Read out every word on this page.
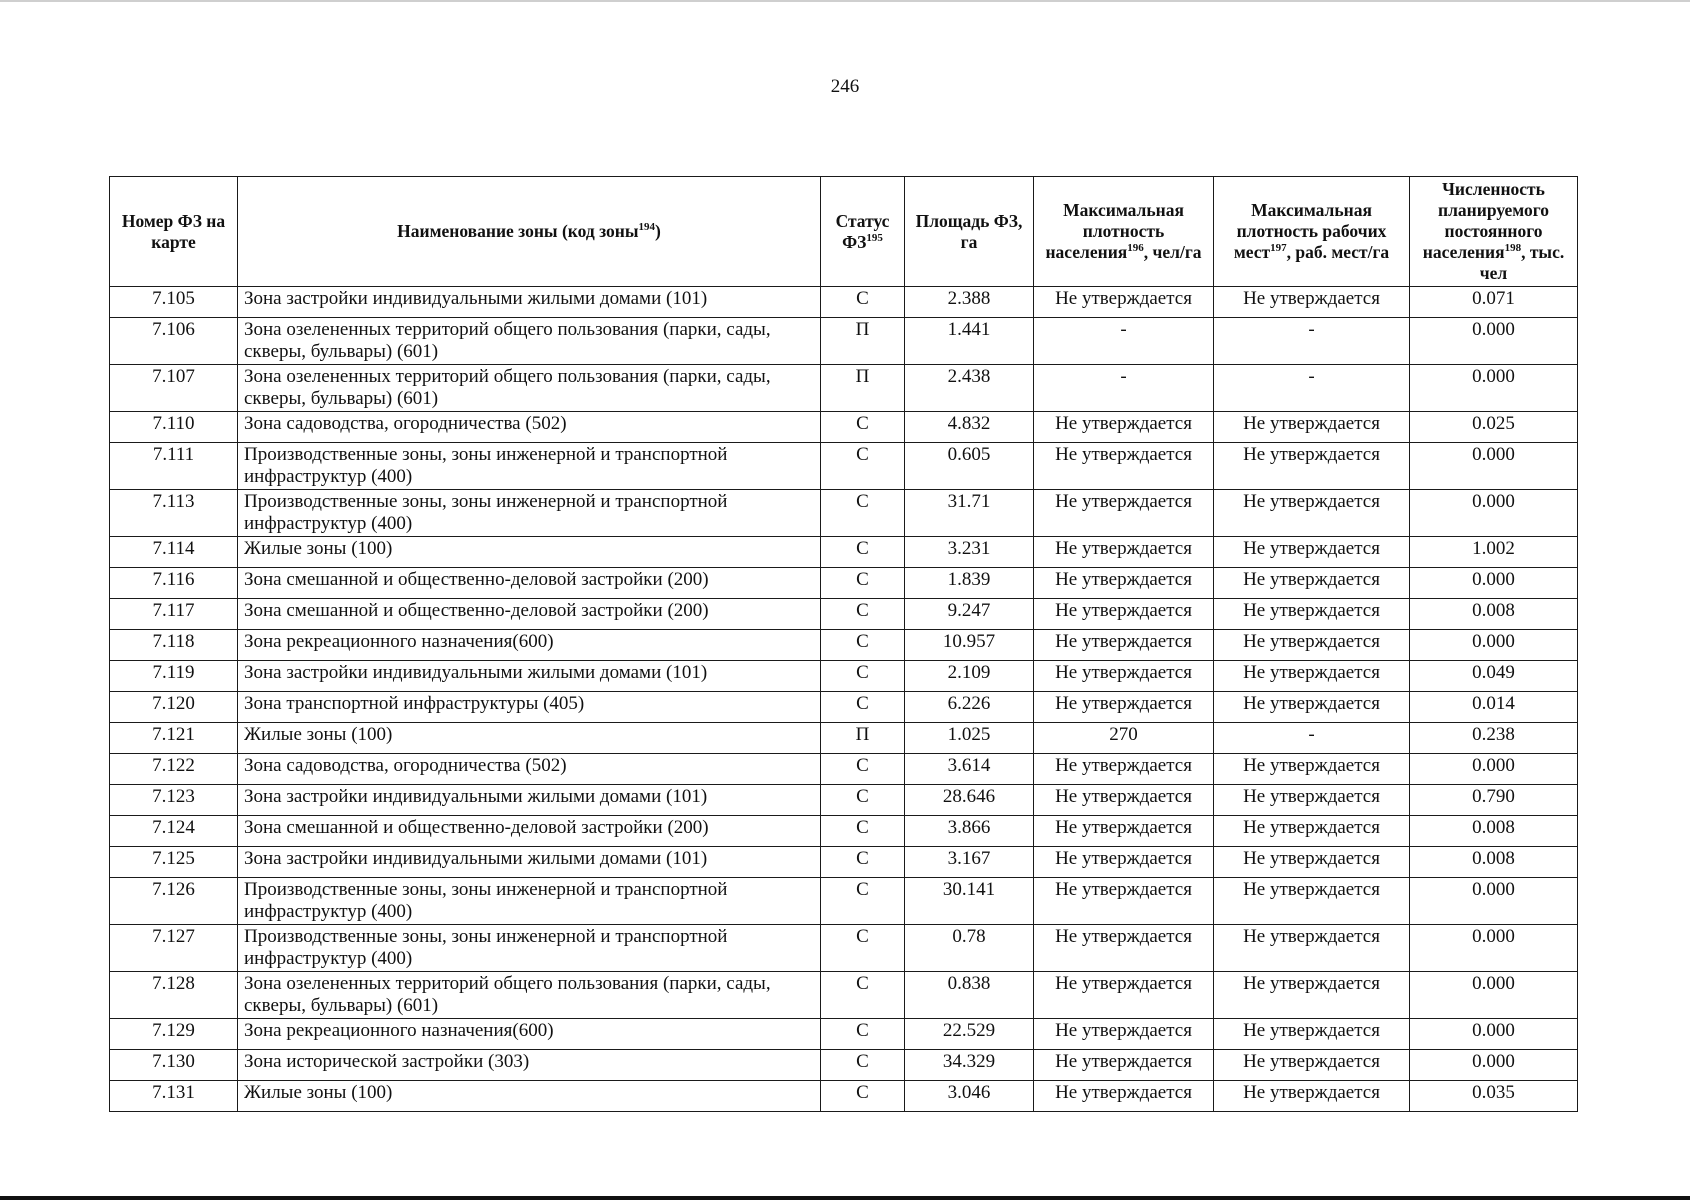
246
Номер ФЗ на карте	Наименование зоны (код зоны$^{194}$)	Статус ФЗ$^{195}$	Площадь ФЗ, га	Максимальная плотность населения$^{196}$, чел/га	Максимальная плотность рабочих мест$^{197}$, раб. мест/га	Численность планируемого постоянного населения$^{198}$, тыс. чел
7.105	Зона застройки индивидуальными жилыми домами (101)	С	2.388	Не утверждается	Не утверждается	0.071
7.106	Зона озелененных территорий общего пользования (парки, сады, скверы, бульвары) (601)	П	1.441	-	-	0.000
7.107	Зона озелененных территорий общего пользования (парки, сады, скверы, бульвары) (601)	П	2.438	-	-	0.000
7.110	Зона садоводства, огородничества (502)	С	4.832	Не утверждается	Не утверждается	0.025
7.111	Производственные зоны, зоны инженерной и транспортной инфраструктур (400)	С	0.605	Не утверждается	Не утверждается	0.000
7.113	Производственные зоны, зоны инженерной и транспортной инфраструктур (400)	С	31.71	Не утверждается	Не утверждается	0.000
7.114	Жилые зоны (100)	С	3.231	Не утверждается	Не утверждается	1.002
7.116	Зона смешанной и общественно-деловой застройки (200)	С	1.839	Не утверждается	Не утверждается	0.000
7.117	Зона смешанной и общественно-деловой застройки (200)	С	9.247	Не утверждается	Не утверждается	0.008
7.118	Зона рекреационного назначения(600)	С	10.957	Не утверждается	Не утверждается	0.000
7.119	Зона застройки индивидуальными жилыми домами (101)	С	2.109	Не утверждается	Не утверждается	0.049
7.120	Зона транспортной инфраструктуры (405)	С	6.226	Не утверждается	Не утверждается	0.014
7.121	Жилые зоны (100)	П	1.025	270	-	0.238
7.122	Зона садоводства, огородничества (502)	С	3.614	Не утверждается	Не утверждается	0.000
7.123	Зона застройки индивидуальными жилыми домами (101)	С	28.646	Не утверждается	Не утверждается	0.790
7.124	Зона смешанной и общественно-деловой застройки (200)	С	3.866	Не утверждается	Не утверждается	0.008
7.125	Зона застройки индивидуальными жилыми домами (101)	С	3.167	Не утверждается	Не утверждается	0.008
7.126	Производственные зоны, зоны инженерной и транспортной инфраструктур (400)	С	30.141	Не утверждается	Не утверждается	0.000
7.127	Производственные зоны, зоны инженерной и транспортной инфраструктур (400)	С	0.78	Не утверждается	Не утверждается	0.000
7.128	Зона озелененных территорий общего пользования (парки, сады, скверы, бульвары) (601)	С	0.838	Не утверждается	Не утверждается	0.000
7.129	Зона рекреационного назначения(600)	С	22.529	Не утверждается	Не утверждается	0.000
7.130	Зона исторической застройки (303)	С	34.329	Не утверждается	Не утверждается	0.000
7.131	Жилые зоны (100)	С	3.046	Не утверждается	Не утверждается	0.035
